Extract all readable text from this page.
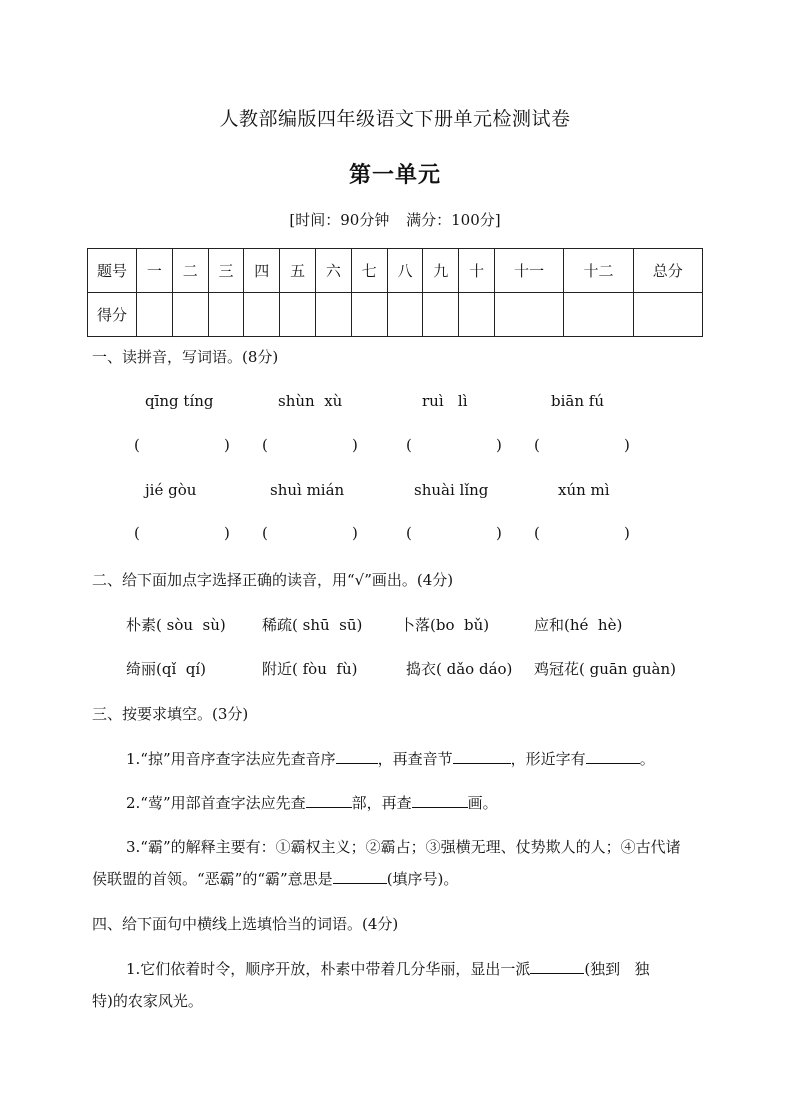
人教部编版四年级语文下册单元检测试卷
第一单元
[时间：90分钟 满分：100分]
题号	一	二	三	四	五	六	七	八	九	十	十一	十二	总分
得分													
一、读拼音，写词语。(8分)
qīng tíng	shùn  xù	ruì   lì	biān fú
(	) (	)	(	) (	)
jié gòu	shuì mián	shuài lǐng	xún mì
(	) (	)	(	) (	)
二、给下面加点字选择正确的读音，用“√”画出。(4分)
朴素( sòu  sù) 稀疏( shū  sū)	卜落(bo  bǔ)	应和(hé  hè)
绮丽(qǐ  qí)	附近( fòu  fù)	捣衣( dǎo dáo) 鸡冠花( guān guàn)
三、按要求填空。(3分)
1.“掠”用音序查字法应先查音序	，再查音节	，形近字有	。
2.“莺”用部首查字法应先查	部，再查	画。
3.“霸”的解释主要有：①霸权主义；②霸占；③强横无理、仗势欺人的人；④古代诸
侯联盟的首领。“恶霸”的“霸”意思是	(填序号)。
四、给下面句中横线上选填恰当的词语。(4分)
1.它们依着时令，顺序开放，朴素中带着几分华丽，显出一派	(独到   独
特)的农家风光。
